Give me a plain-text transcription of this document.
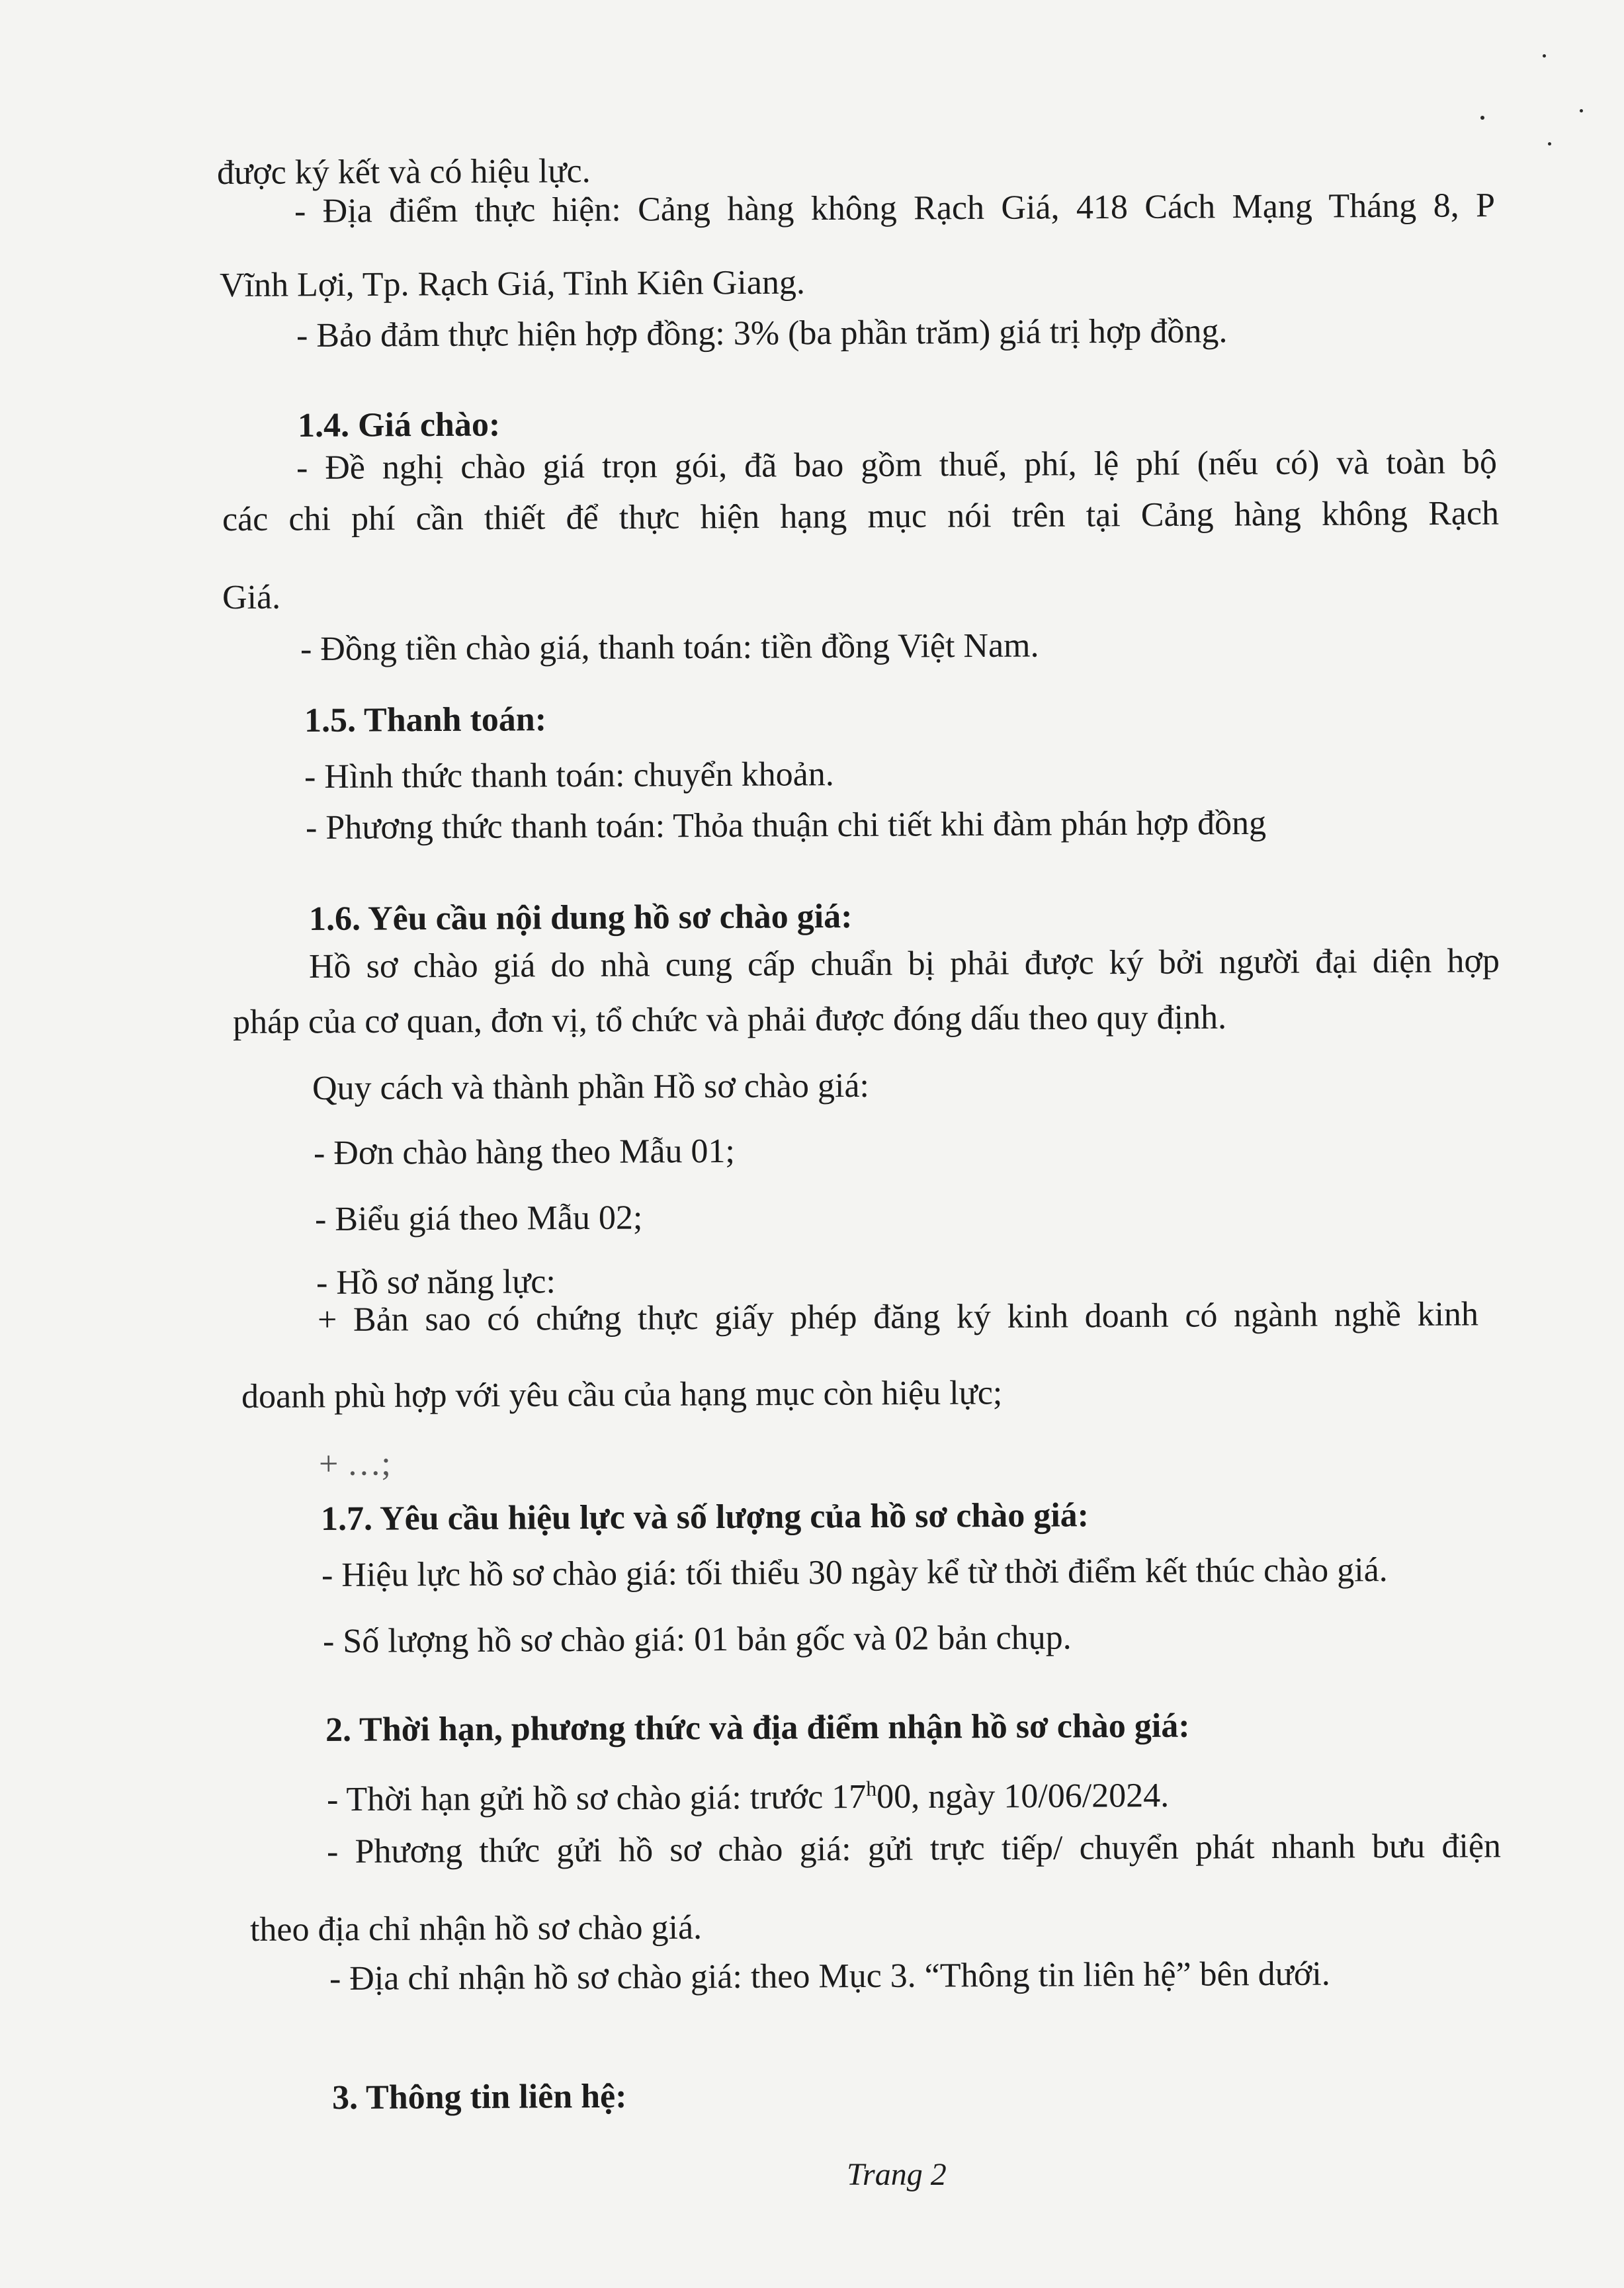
được ký kết và có hiệu lực.
- Địa điểm thực hiện: Cảng hàng không Rạch Giá, 418 Cách Mạng Tháng 8, P
Vĩnh Lợi, Tp. Rạch Giá, Tỉnh Kiên Giang.
- Bảo đảm thực hiện hợp đồng: 3% (ba phần trăm) giá trị hợp đồng.
1.4. Giá chào:
- Đề nghị chào giá trọn gói, đã bao gồm thuế, phí, lệ phí (nếu có) và toàn bộ
các chi phí cần thiết để thực hiện hạng mục nói trên tại Cảng hàng không Rạch
Giá.
- Đồng tiền chào giá, thanh toán: tiền đồng Việt Nam.
1.5. Thanh toán:
- Hình thức thanh toán: chuyển khoản.
- Phương thức thanh toán: Thỏa thuận chi tiết khi đàm phán hợp đồng
1.6. Yêu cầu nội dung hồ sơ chào giá:
Hồ sơ chào giá do nhà cung cấp chuẩn bị phải được ký bởi người đại diện hợp
pháp của cơ quan, đơn vị, tổ chức và phải được đóng dấu theo quy định.
Quy cách và thành phần Hồ sơ chào giá:
- Đơn chào hàng theo Mẫu 01;
- Biểu giá theo Mẫu 02;
- Hồ sơ năng lực:
+ Bản sao có chứng thực giấy phép đăng ký kinh doanh có ngành nghề kinh
doanh phù hợp với yêu cầu của hạng mục còn hiệu lực;
+ …;
1.7. Yêu cầu hiệu lực và số lượng của hồ sơ chào giá:
- Hiệu lực hồ sơ chào giá: tối thiểu 30 ngày kể từ thời điểm kết thúc chào giá.
- Số lượng hồ sơ chào giá: 01 bản gốc và 02 bản chụp.
2. Thời hạn, phương thức và địa điểm nhận hồ sơ chào giá:
- Thời hạn gửi hồ sơ chào giá: trước 17$^h$00, ngày 10/06/2024.
- Phương thức gửi hồ sơ chào giá: gửi trực tiếp/ chuyển phát nhanh bưu điện
theo địa chỉ nhận hồ sơ chào giá.
- Địa chỉ nhận hồ sơ chào giá: theo Mục 3. “Thông tin liên hệ” bên dưới.
3. Thông tin liên hệ:
Trang 2
